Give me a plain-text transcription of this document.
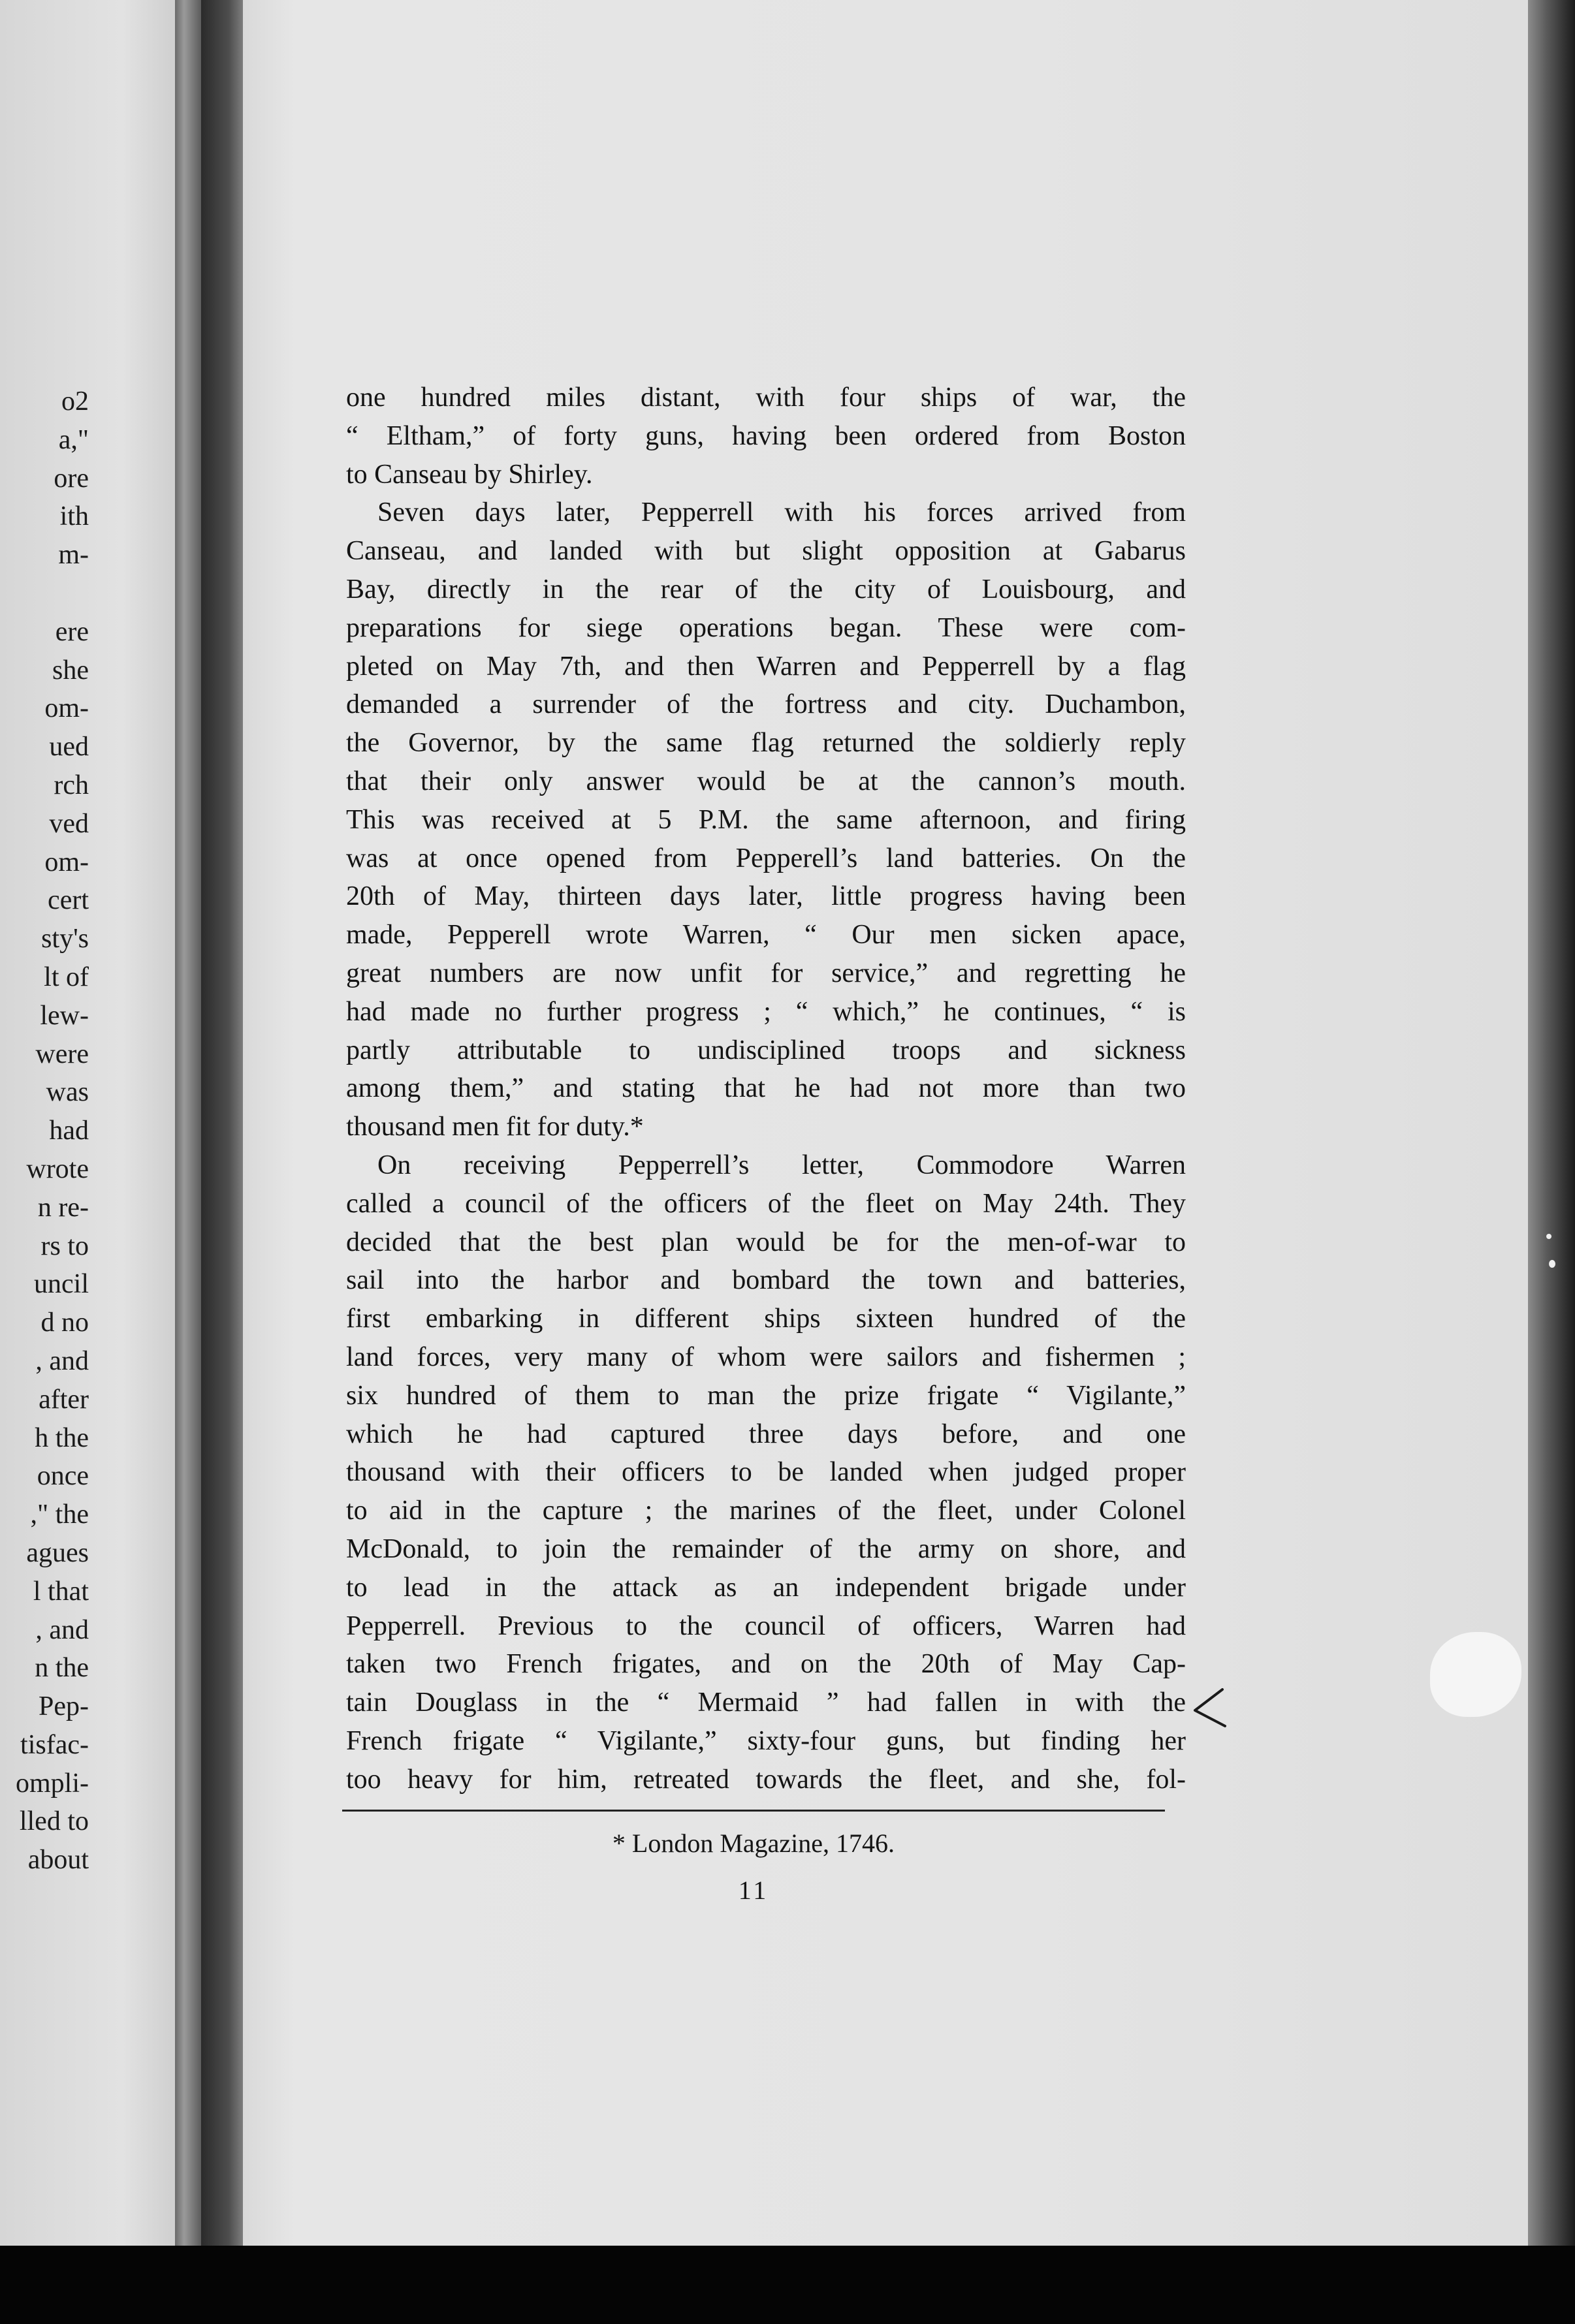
o2
a,"
ore
ith
m-

ere
she
om-
ued
rch
ved
om-
cert
sty's
lt of
lew-
were
was
had
wrote
n re-
rs to
uncil
d no
, and
after
h the
once
," the
agues
l that
, and
n the
Pep-
tisfac-
ompli-
lled to
about
one hundred miles distant, with four ships of war, the
“ Eltham,” of forty guns, having been ordered from Boston
to Canseau by Shirley.
Seven days later, Pepperrell with his forces arrived from
Canseau, and landed with but slight opposition at Gabarus
Bay, directly in the rear of the city of Louisbourg, and
preparations for siege operations began. These were com-
pleted on May 7th, and then Warren and Pepperrell by a flag
demanded a surrender of the fortress and city. Duchambon,
the Governor, by the same flag returned the soldierly reply
that their only answer would be at the cannon’s mouth.
This was received at 5 P.M. the same afternoon, and firing
was at once opened from Pepperell’s land batteries. On the
20th of May, thirteen days later, little progress having been
made, Pepperell wrote Warren, “ Our men sicken apace,
great numbers are now unfit for service,” and regretting he
had made no further progress ; “ which,” he continues, “ is
partly attributable to undisciplined troops and sickness
among them,” and stating that he had not more than two
thousand men fit for duty.*
On receiving Pepperrell’s letter, Commodore Warren
called a council of the officers of the fleet on May 24th. They
decided that the best plan would be for the men-of-war to
sail into the harbor and bombard the town and batteries,
first embarking in different ships sixteen hundred of the
land forces, very many of whom were sailors and fishermen ;
six hundred of them to man the prize frigate “ Vigilante,”
which he had captured three days before, and one
thousand with their officers to be landed when judged proper
to aid in the capture ; the marines of the fleet, under Colonel
McDonald, to join the remainder of the army on shore, and
to lead in the attack as an independent brigade under
Pepperrell. Previous to the council of officers, Warren had
taken two French frigates, and on the 20th of May Cap-
tain Douglass in the “ Mermaid ” had fallen in with the
French frigate “ Vigilante,” sixty-four guns, but finding her
too heavy for him, retreated towards the fleet, and she, fol-
* London Magazine, 1746.
11
